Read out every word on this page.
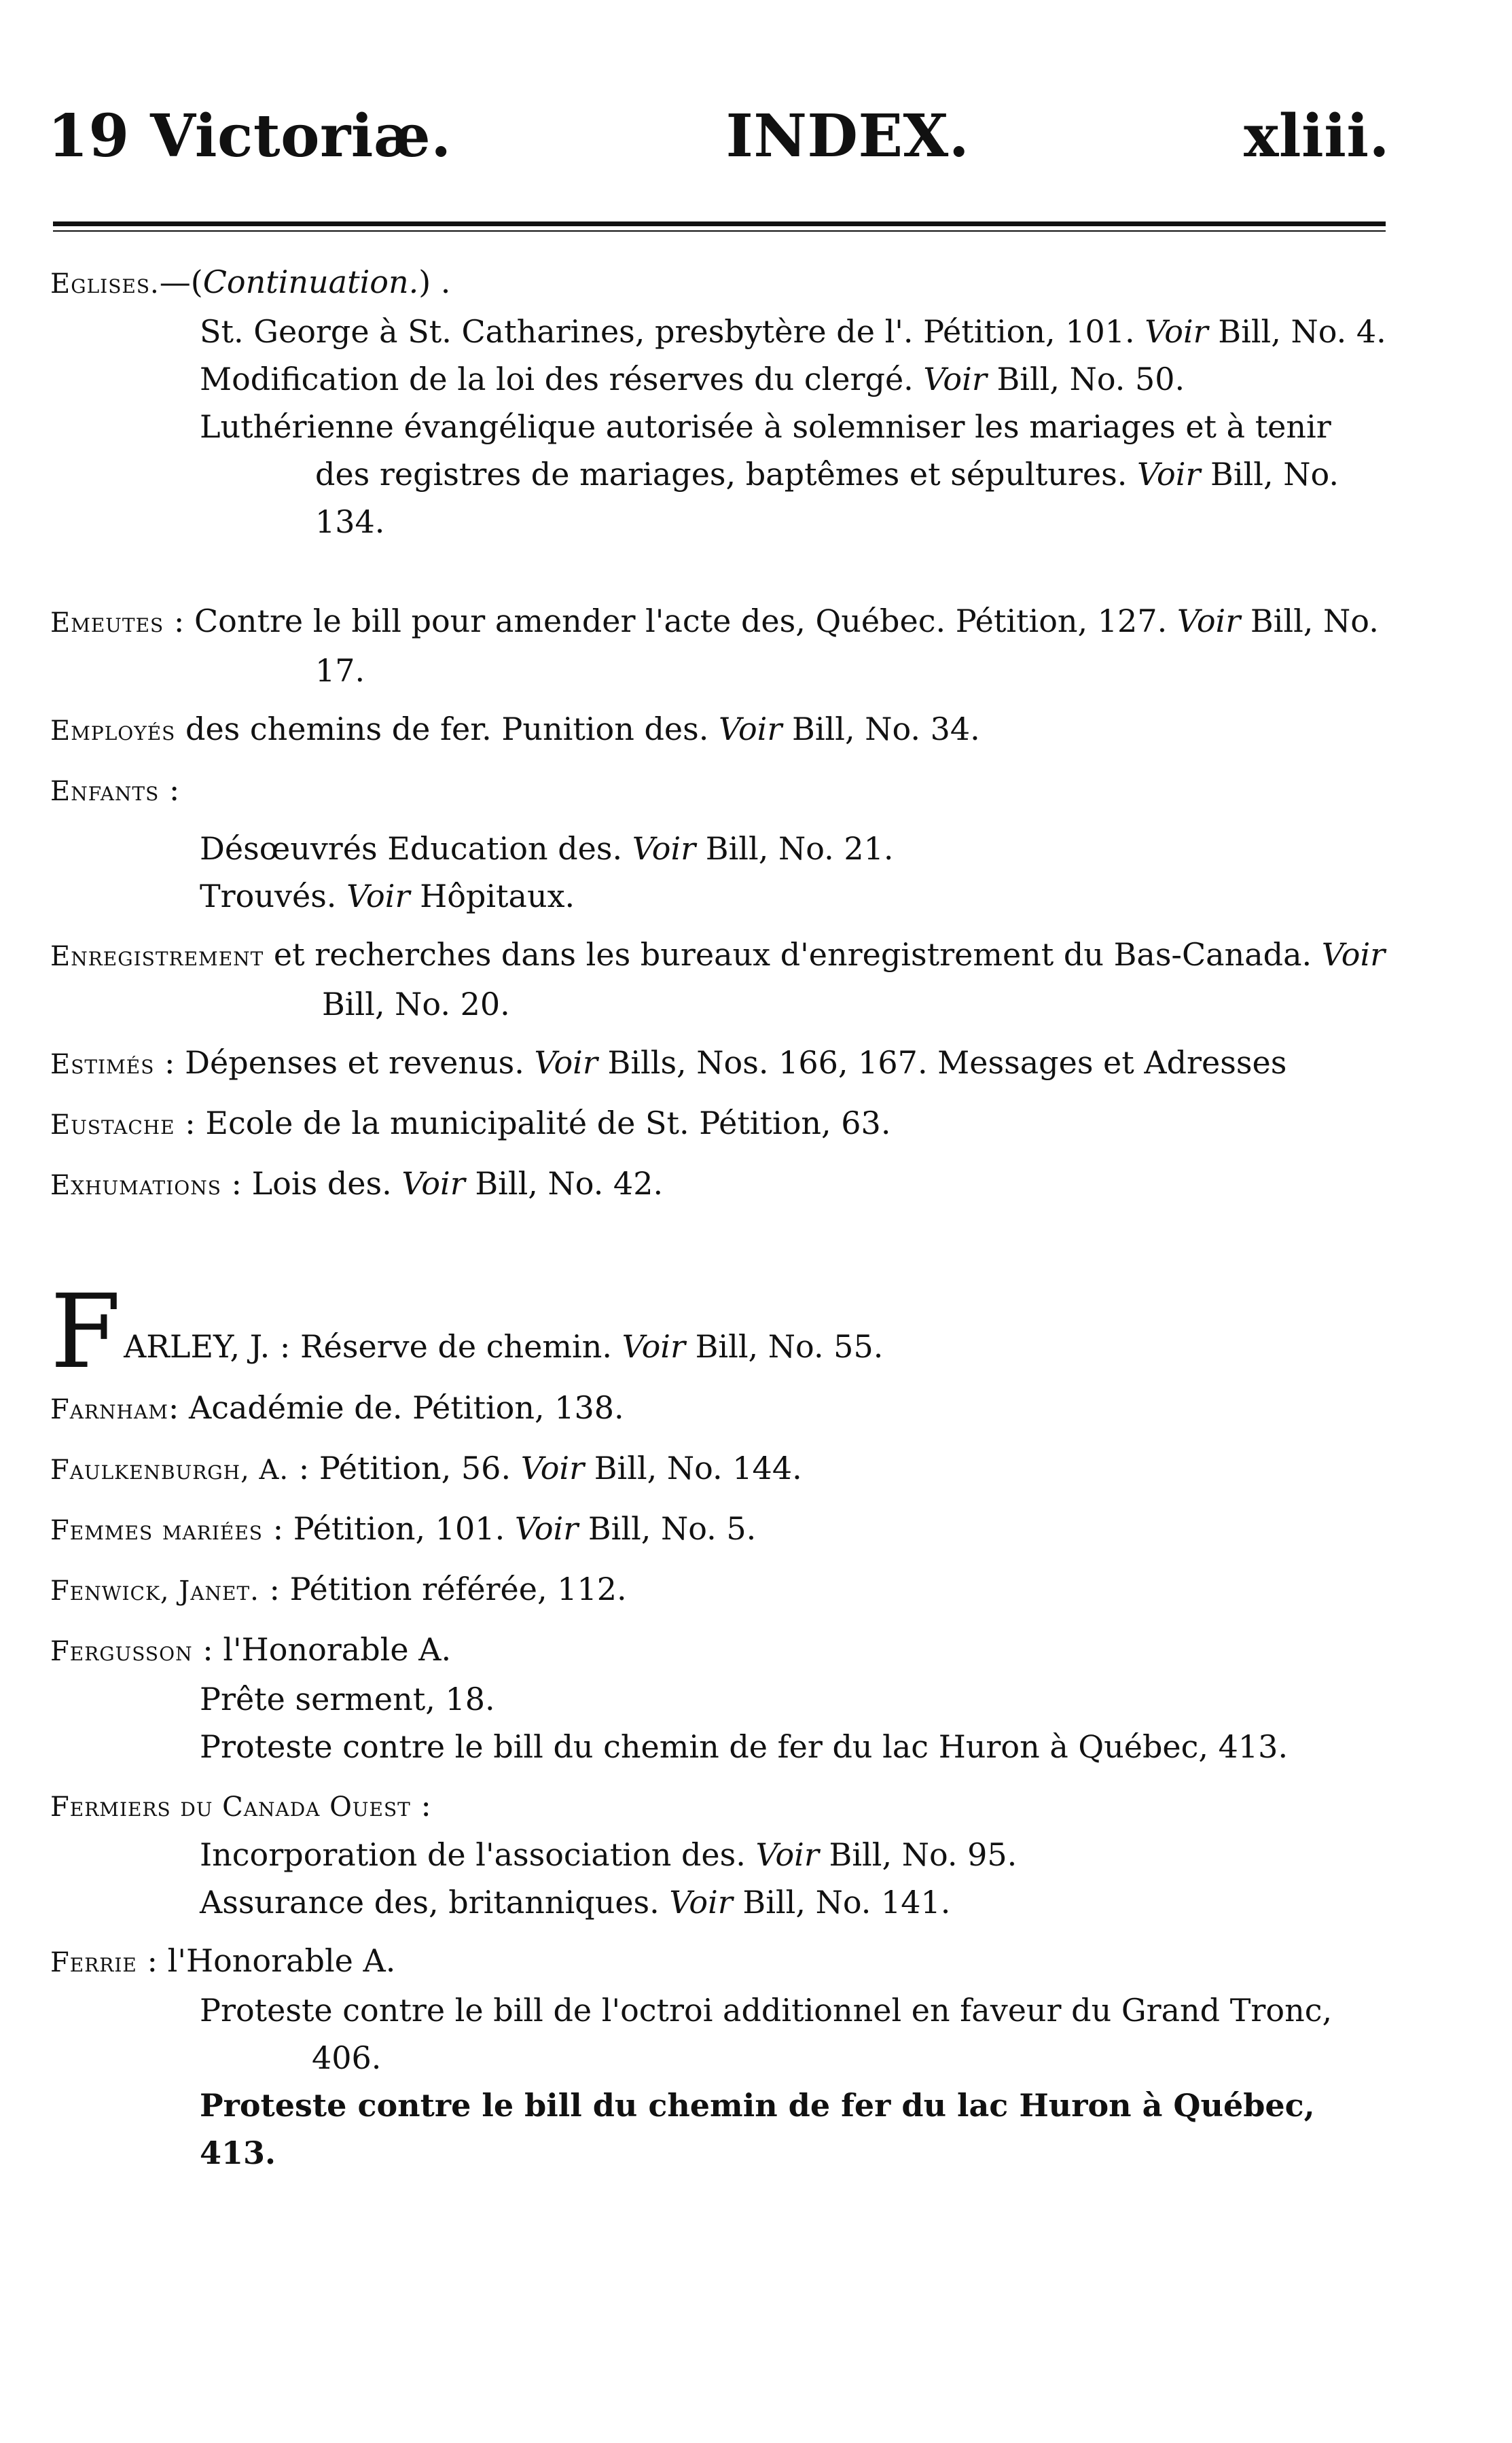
19 Victoriæ.	INDEX.	xliii.
Eglises.—(Continuation.) .
St. George à St. Catharines, presbytère de l'. Pétition, 101. Voir Bill, No. 4.
Modification de la loi des réserves du clergé. Voir Bill, No. 50.
Luthérienne évangélique autorisée à solemniser les mariages et à tenir des registres de mariages, baptêmes et sépultures. Voir Bill, No. 134.
Emeutes : Contre le bill pour amender l'acte des, Québec. Pétition, 127. Voir Bill, No. 17.
Employés des chemins de fer. Punition des. Voir Bill, No. 34.
Enfants :
Désœuvrés Education des. Voir Bill, No. 21.
Trouvés. Voir Hôpitaux.
Enregistrement et recherches dans les bureaux d'enregistrement du Bas-Canada. Voir Bill, No. 20.
Estimés : Dépenses et revenus. Voir Bills, Nos. 166, 167. Messages et Adresses
Eustache : Ecole de la municipalité de St. Pétition, 63.
Exhumations : Lois des. Voir Bill, No. 42.
F ARLEY, J. : Réserve de chemin. Voir Bill, No. 55.
Farnham: Académie de. Pétition, 138.
Faulkenburgh, A. : Pétition, 56. Voir Bill, No. 144.
Femmes mariées : Pétition, 101. Voir Bill, No. 5.
Fenwick, Janet. : Pétition référée, 112.
Fergusson : l'Honorable A.
Prête serment, 18.
Proteste contre le bill du chemin de fer du lac Huron à Québec, 413.
Fermiers du Canada Ouest :
Incorporation de l'association des. Voir Bill, No. 95.
Assurance des, britanniques. Voir Bill, No. 141.
Ferrie : l'Honorable A.
Proteste contre le bill de l'octroi additionnel en faveur du Grand Tronc, 406.
Proteste contre le bill du chemin de fer du lac Huron à Québec, 413.
